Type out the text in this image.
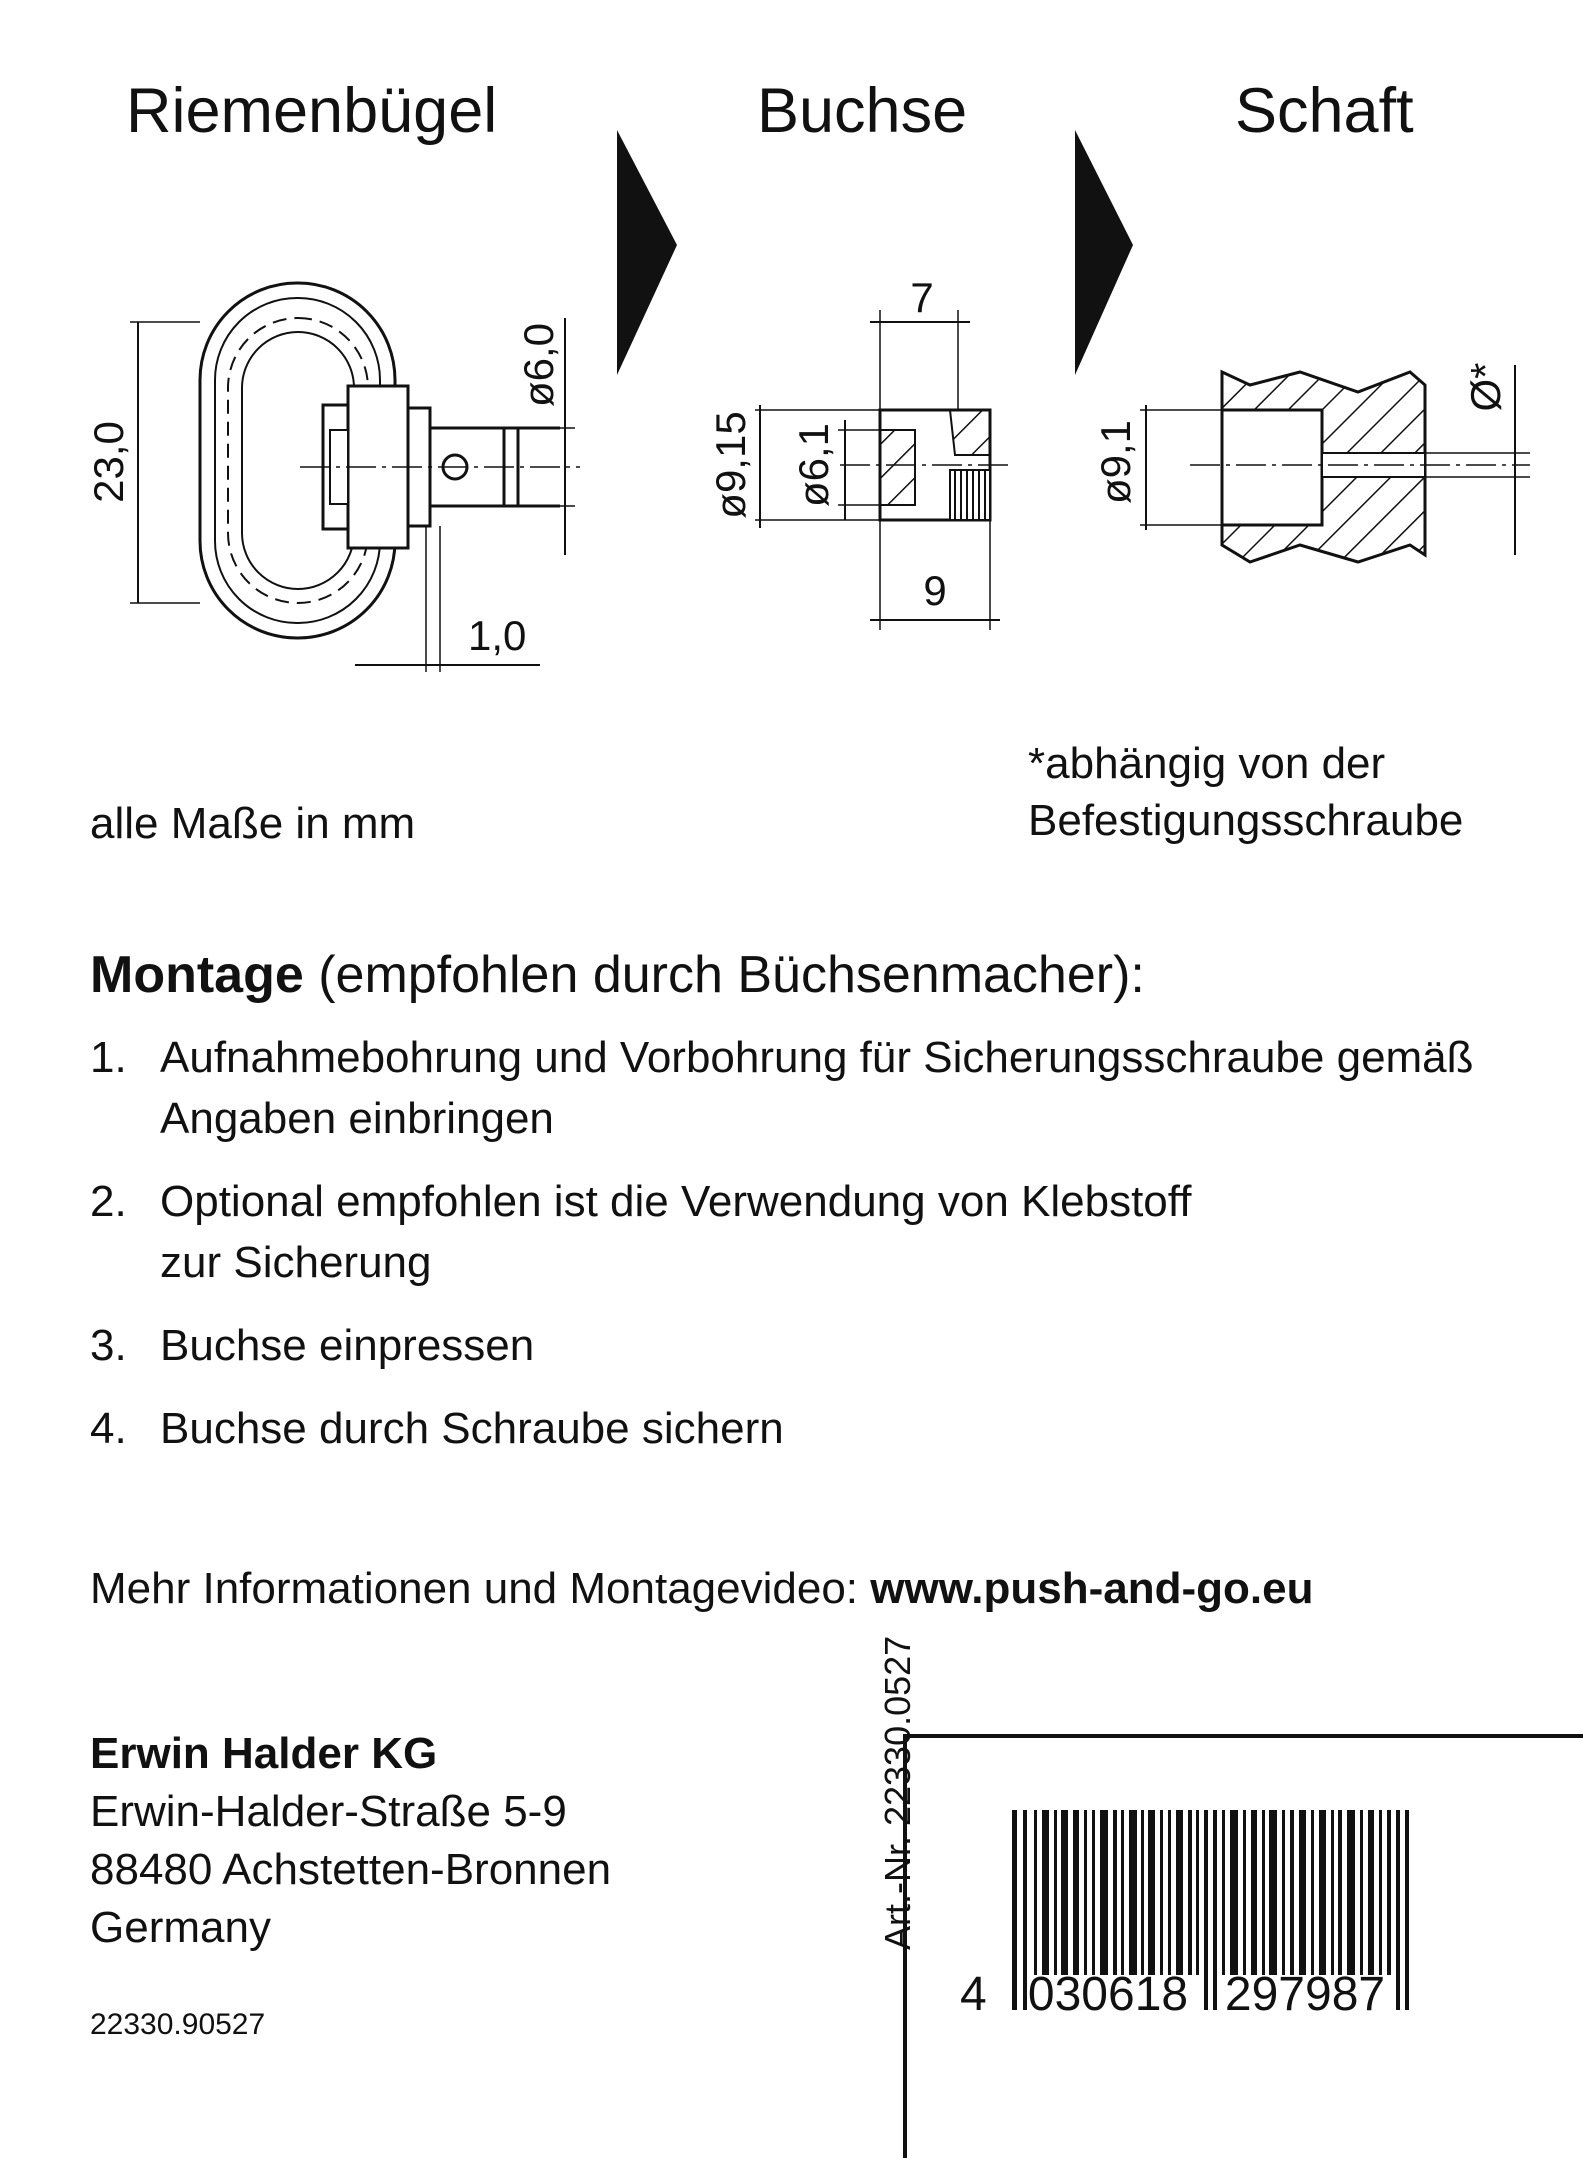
Riemenbügel	Buchse	Schaft
23,0
ø6,0
1,0
7
ø9,15 ø6,1
9
ø9,1
Ø*
alle Maße in mm
*abhängig von der
Befestigungsschraube
Montage (empfohlen durch Büchsenmacher):
1. Aufnahmebohrung und Vorbohrung für Sicherungsschraube gemäß Angaben einbringen
2. Optional empfohlen ist die Verwendung von Klebstoff zur Sicherung
3. Buchse einpressen
4. Buchse durch Schraube sichern
Mehr Informationen und Montagevideo: www.push-and-go.eu
Erwin Halder KG
Erwin-Halder-Straße 5-9
88480 Achstetten-Bronnen
Germany
22330.90527
Art.-Nr. 22330.0527
4 030618 297987
